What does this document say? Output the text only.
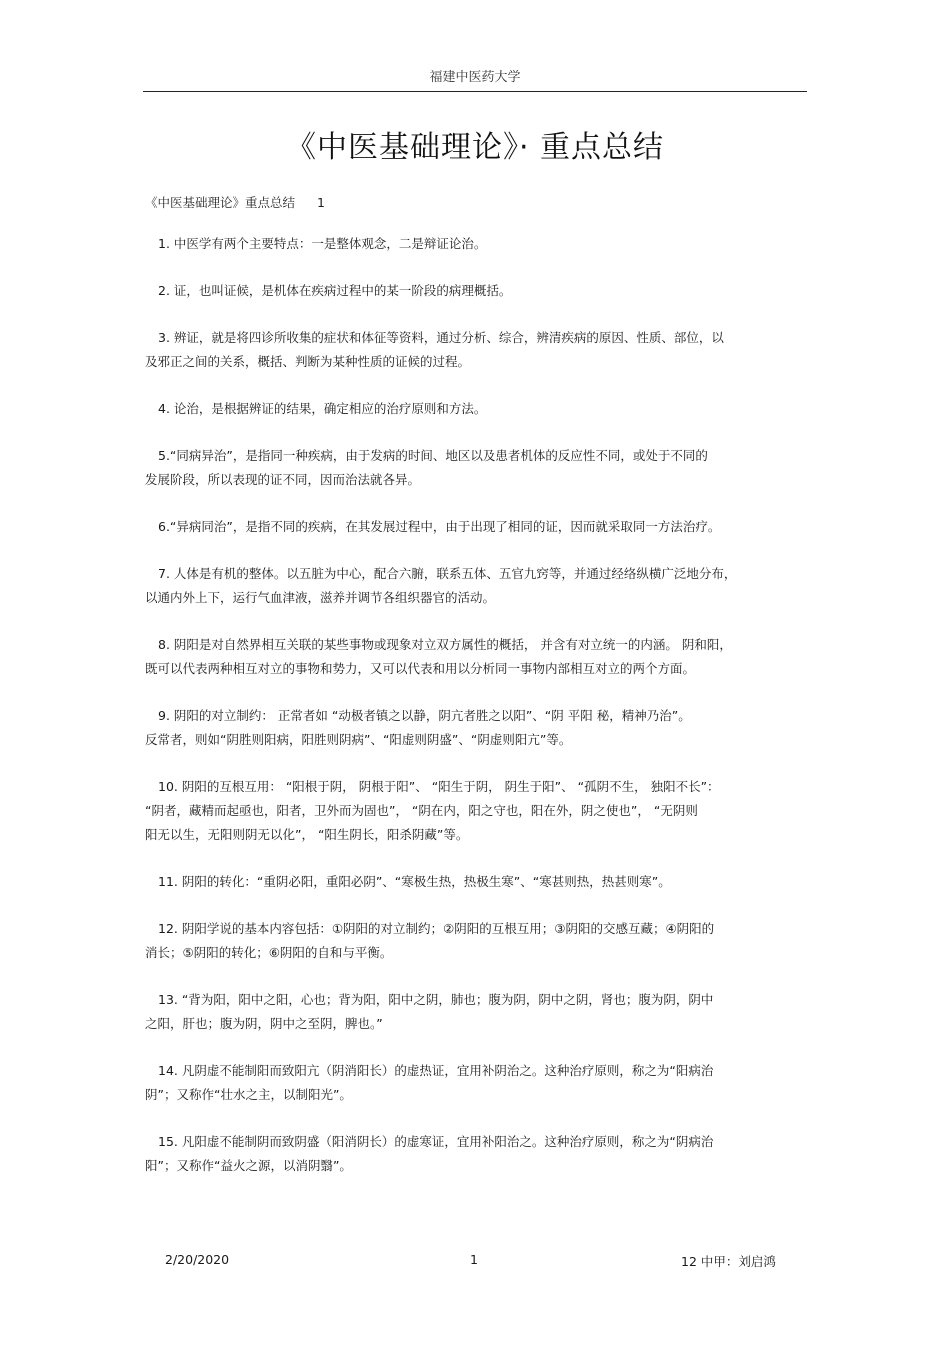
福建中医药大学
《中医基础理论》· 重点总结
《中医基础理论》重点总结 1
1. 中医学有两个主要特点：一是整体观念，二是辩证论治。
2. 证，也叫证候，是机体在疾病过程中的某一阶段的病理概括。
3. 辨证，就是将四诊所收集的症状和体征等资料，通过分析、综合，辨清疾病的原因、性质、部位，以
及邪正之间的关系，概括、判断为某种性质的证候的过程。
4. 论治，是根据辨证的结果，确定相应的治疗原则和方法。
5.“同病异治”，是指同一种疾病，由于发病的时间、地区以及患者机体的反应性不同，或处于不同的
发展阶段，所以表现的证不同，因而治法就各异。
6.“异病同治”，是指不同的疾病，在其发展过程中，由于出现了相同的证，因而就采取同一方法治疗。
7. 人体是有机的整体。以五脏为中心，配合六腑，联系五体、五官九窍等，并通过经络纵横广泛地分布，
以通内外上下，运行气血津液，滋养并调节各组织器官的活动。
8. 阴阳是对自然界相互关联的某些事物或现象对立双方属性的概括， 并含有对立统一的内涵。 阴和阳，
既可以代表两种相互对立的事物和势力，又可以代表和用以分析同一事物内部相互对立的两个方面。
9. 阴阳的对立制约： 正常者如 “动极者镇之以静，阴亢者胜之以阳”、“阴 平阳 秘，精神乃治”。
反常者，则如“阴胜则阳病，阳胜则阴病”、“阳虚则阴盛”、“阴虚则阳亢”等。
10. 阴阳的互根互用： “阳根于阴， 阴根于阳”、 “阳生于阴， 阴生于阳”、 “孤阴不生， 独阳不长”：
“阴者，藏精而起亟也，阳者，卫外而为固也”， “阴在内，阳之守也，阳在外，阴之使也”， “无阴则
阳无以生，无阳则阴无以化”， “阳生阴长，阳杀阴藏”等。
11. 阴阳的转化：“重阴必阳，重阳必阴”、“寒极生热，热极生寒”、“寒甚则热，热甚则寒”。
12. 阴阳学说的基本内容包括：①阴阳的对立制约；②阴阳的互根互用；③阴阳的交感互藏；④阴阳的
消长；⑤阴阳的转化；⑥阴阳的自和与平衡。
13. “背为阳，阳中之阳，心也；背为阳，阳中之阴，肺也；腹为阴，阴中之阴，肾也；腹为阴，阴中
之阳，肝也；腹为阴，阴中之至阴，脾也。”
14. 凡阴虚不能制阳而致阳亢（阴消阳长）的虚热证，宜用补阴治之。这种治疗原则，称之为“阳病治
阴”；又称作“壮水之主，以制阳光”。
15. 凡阳虚不能制阴而致阴盛（阳消阴长）的虚寒证，宜用补阳治之。这种治疗原则，称之为“阴病治
阳”；又称作“益火之源，以消阴翳”。
2/20/2020	1	12 中甲：刘启鸿
